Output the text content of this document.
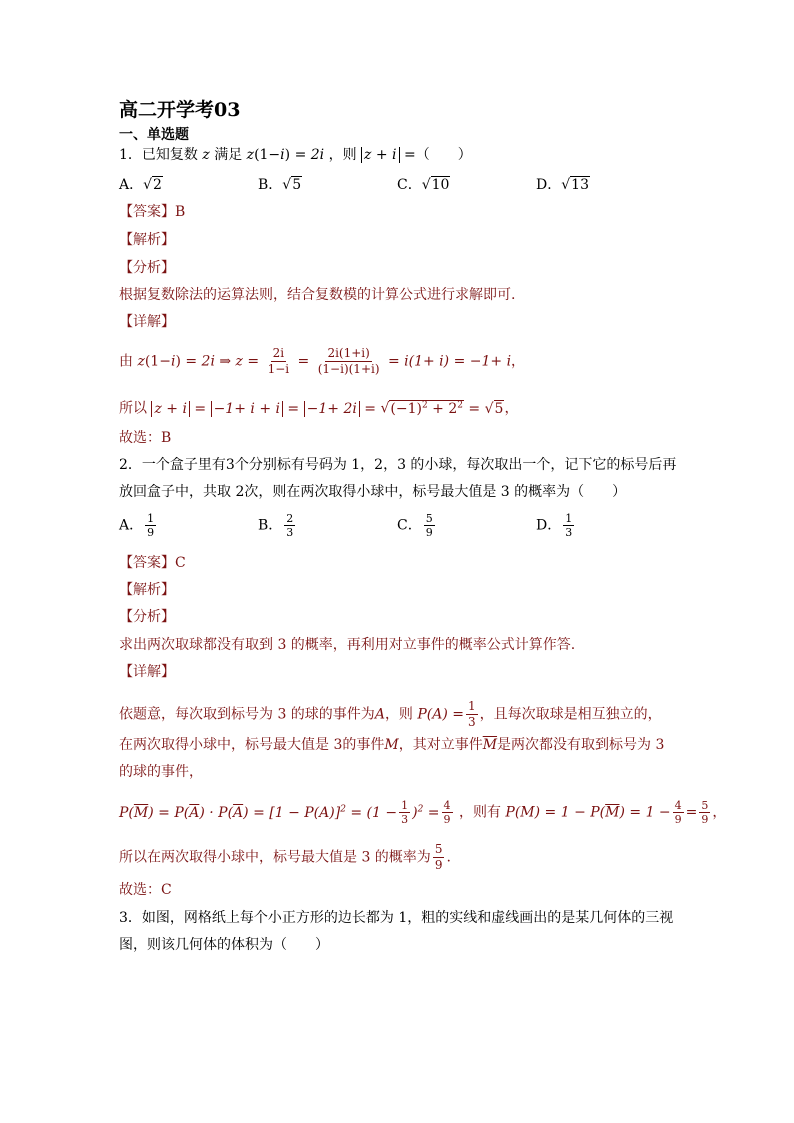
高二开学考03
一、单选题
1．已知复数 z 满足 z(1−i) = 2i ，则 z + i =（　　）
A．√2	B．√5	C．√10	D．√13
【答案】B
【解析】
【分析】
根据复数除法的运算法则，结合复数模的计算公式进行求解即可.
【详解】
由 z(1−i) = 2i ⇒ $z = \frac{2i}{1-i} = \frac{2i(1+i)}{(1-i)(1+i)} = i(1+ i) = -1+ i$，
所以 $z + i = -1+ i + i = -1+ 2i = √(-1)^2 + 2^2 = √5$，
故选：B
2．一个盒子里有3个分别标有号码为 1，2，3 的小球，每次取出一个，记下它的标号后再
放回盒子中，共取 2次，则在两次取得小球中，标号最大值是 3 的概率为（　　）
A． $\frac{1}{9}$	B． $\frac{2}{3}$	C． $\frac{5}{9}$	D． $\frac{1}{3}$
【答案】C
【解析】
【分析】
求出两次取球都没有取到 3 的概率，再利用对立事件的概率公式计算作答.
【详解】
依题意，每次取到标号为 3 的球的事件为A，则 $P(A) = \frac{1}{3}$ ，且每次取球是相互独立的，
在两次取得小球中，标号最大值是 3的事件M，其对立事件$\overline{M}$是两次都没有取到标号为 3
的球的事件，
$P(\overline{M}) = P(\overline{A}) \cdot P(\overline{A}) = [1 - P(A)]^2 = (1 - \frac{1}{3} )^2 = \frac{4}{9}$ ，则有 $P(M) = 1 - P(\overline{M}) = 1 - \frac{4}{9} = \frac{5}{9}$ ，
所以在两次取得小球中，标号最大值是 3 的概率为 $\frac{5}{9}$ .
故选：C
3．如图，网格纸上每个小正方形的边长都为 1，粗的实线和虚线画出的是某几何体的三视
图，则该几何体的体积为（　　）
